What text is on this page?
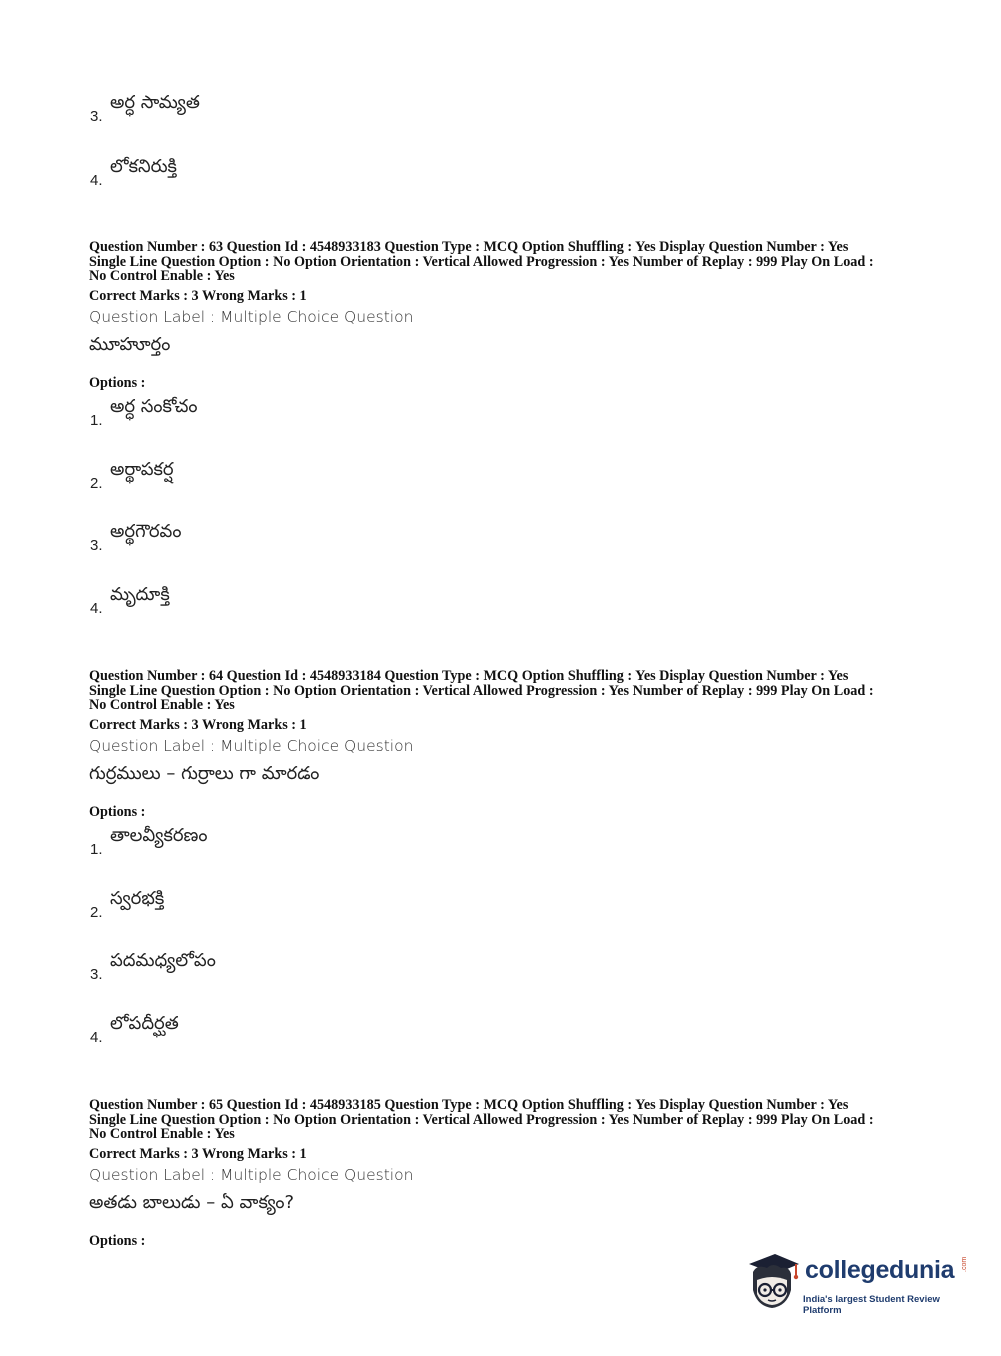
3.
అర్ధ సామ్యత
4.
లోకనిరుక్తి
Question Number : 63 Question Id : 4548933183 Question Type : MCQ Option Shuffling : Yes Display Question Number : Yes
Single Line Question Option : No Option Orientation : Vertical Allowed Progression : Yes Number of Replay : 999 Play On Load :
No Control Enable : Yes
Correct Marks : 3 Wrong Marks : 1
Question Label : Multiple Choice Question
మూహూర్తం
Options :
1.
అర్ధ సంకోచం
2.
అర్థాపకర్ష
3.
అర్థగౌరవం
4.
మృదూక్తి
Question Number : 64 Question Id : 4548933184 Question Type : MCQ Option Shuffling : Yes Display Question Number : Yes
Single Line Question Option : No Option Orientation : Vertical Allowed Progression : Yes Number of Replay : 999 Play On Load :
No Control Enable : Yes
Correct Marks : 3 Wrong Marks : 1
Question Label : Multiple Choice Question
గుర్రములు – గుర్రాలు గా మారడం
Options :
1.
తాలవ్యీకరణం
2.
స్వరభక్తి
3.
పదమధ్యలోపం
4.
లోపదీర్ఘత
Question Number : 65 Question Id : 4548933185 Question Type : MCQ Option Shuffling : Yes Display Question Number : Yes
Single Line Question Option : No Option Orientation : Vertical Allowed Progression : Yes Number of Replay : 999 Play On Load :
No Control Enable : Yes
Correct Marks : 3 Wrong Marks : 1
Question Label : Multiple Choice Question
అతడు బాలుడు – ఏ వాక్యం?
Options :
collegedunia .com
India's largest Student Review Platform
